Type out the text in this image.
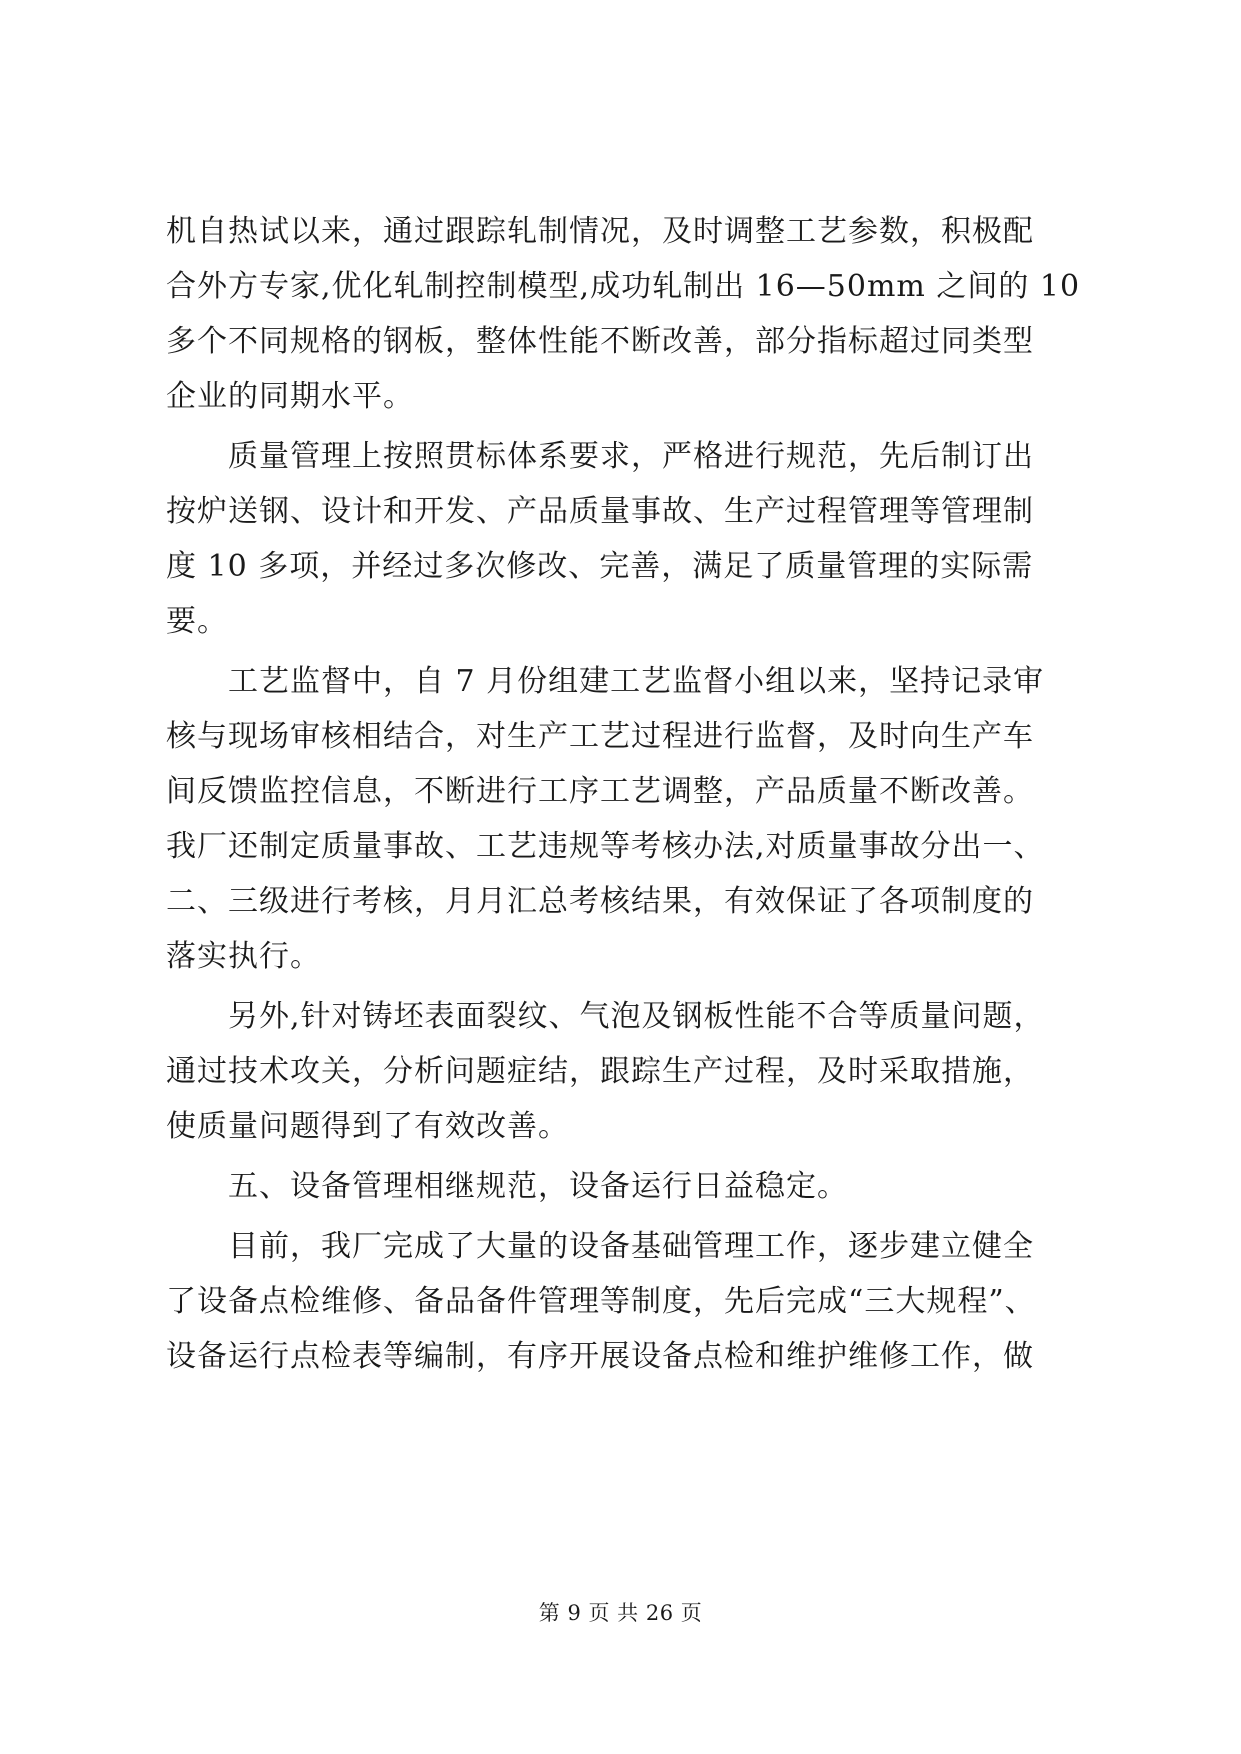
机自热试以来，通过跟踪轧制情况，及时调整工艺参数，积极配
合外方专家,优化轧制控制模型,成功轧制出 16—50mm 之间的 10
多个不同规格的钢板，整体性能不断改善，部分指标超过同类型
企业的同期水平。
　　质量管理上按照贯标体系要求，严格进行规范，先后制订出
按炉送钢、设计和开发、产品质量事故、生产过程管理等管理制
度 10 多项，并经过多次修改、完善，满足了质量管理的实际需
要。
　　工艺监督中，自 7 月份组建工艺监督小组以来，坚持记录审
核与现场审核相结合，对生产工艺过程进行监督，及时向生产车
间反馈监控信息，不断进行工序工艺调整，产品质量不断改善。
我厂还制定质量事故、工艺违规等考核办法,对质量事故分出一、
二、三级进行考核，月月汇总考核结果，有效保证了各项制度的
落实执行。
　　另外,针对铸坯表面裂纹、气泡及钢板性能不合等质量问题，
通过技术攻关，分析问题症结，跟踪生产过程，及时采取措施，
使质量问题得到了有效改善。
　　五、设备管理相继规范，设备运行日益稳定。
　　目前，我厂完成了大量的设备基础管理工作，逐步建立健全
了设备点检维修、备品备件管理等制度，先后完成“三大规程”、
设备运行点检表等编制，有序开展设备点检和维护维修工作，做
第 9 页 共 26 页
